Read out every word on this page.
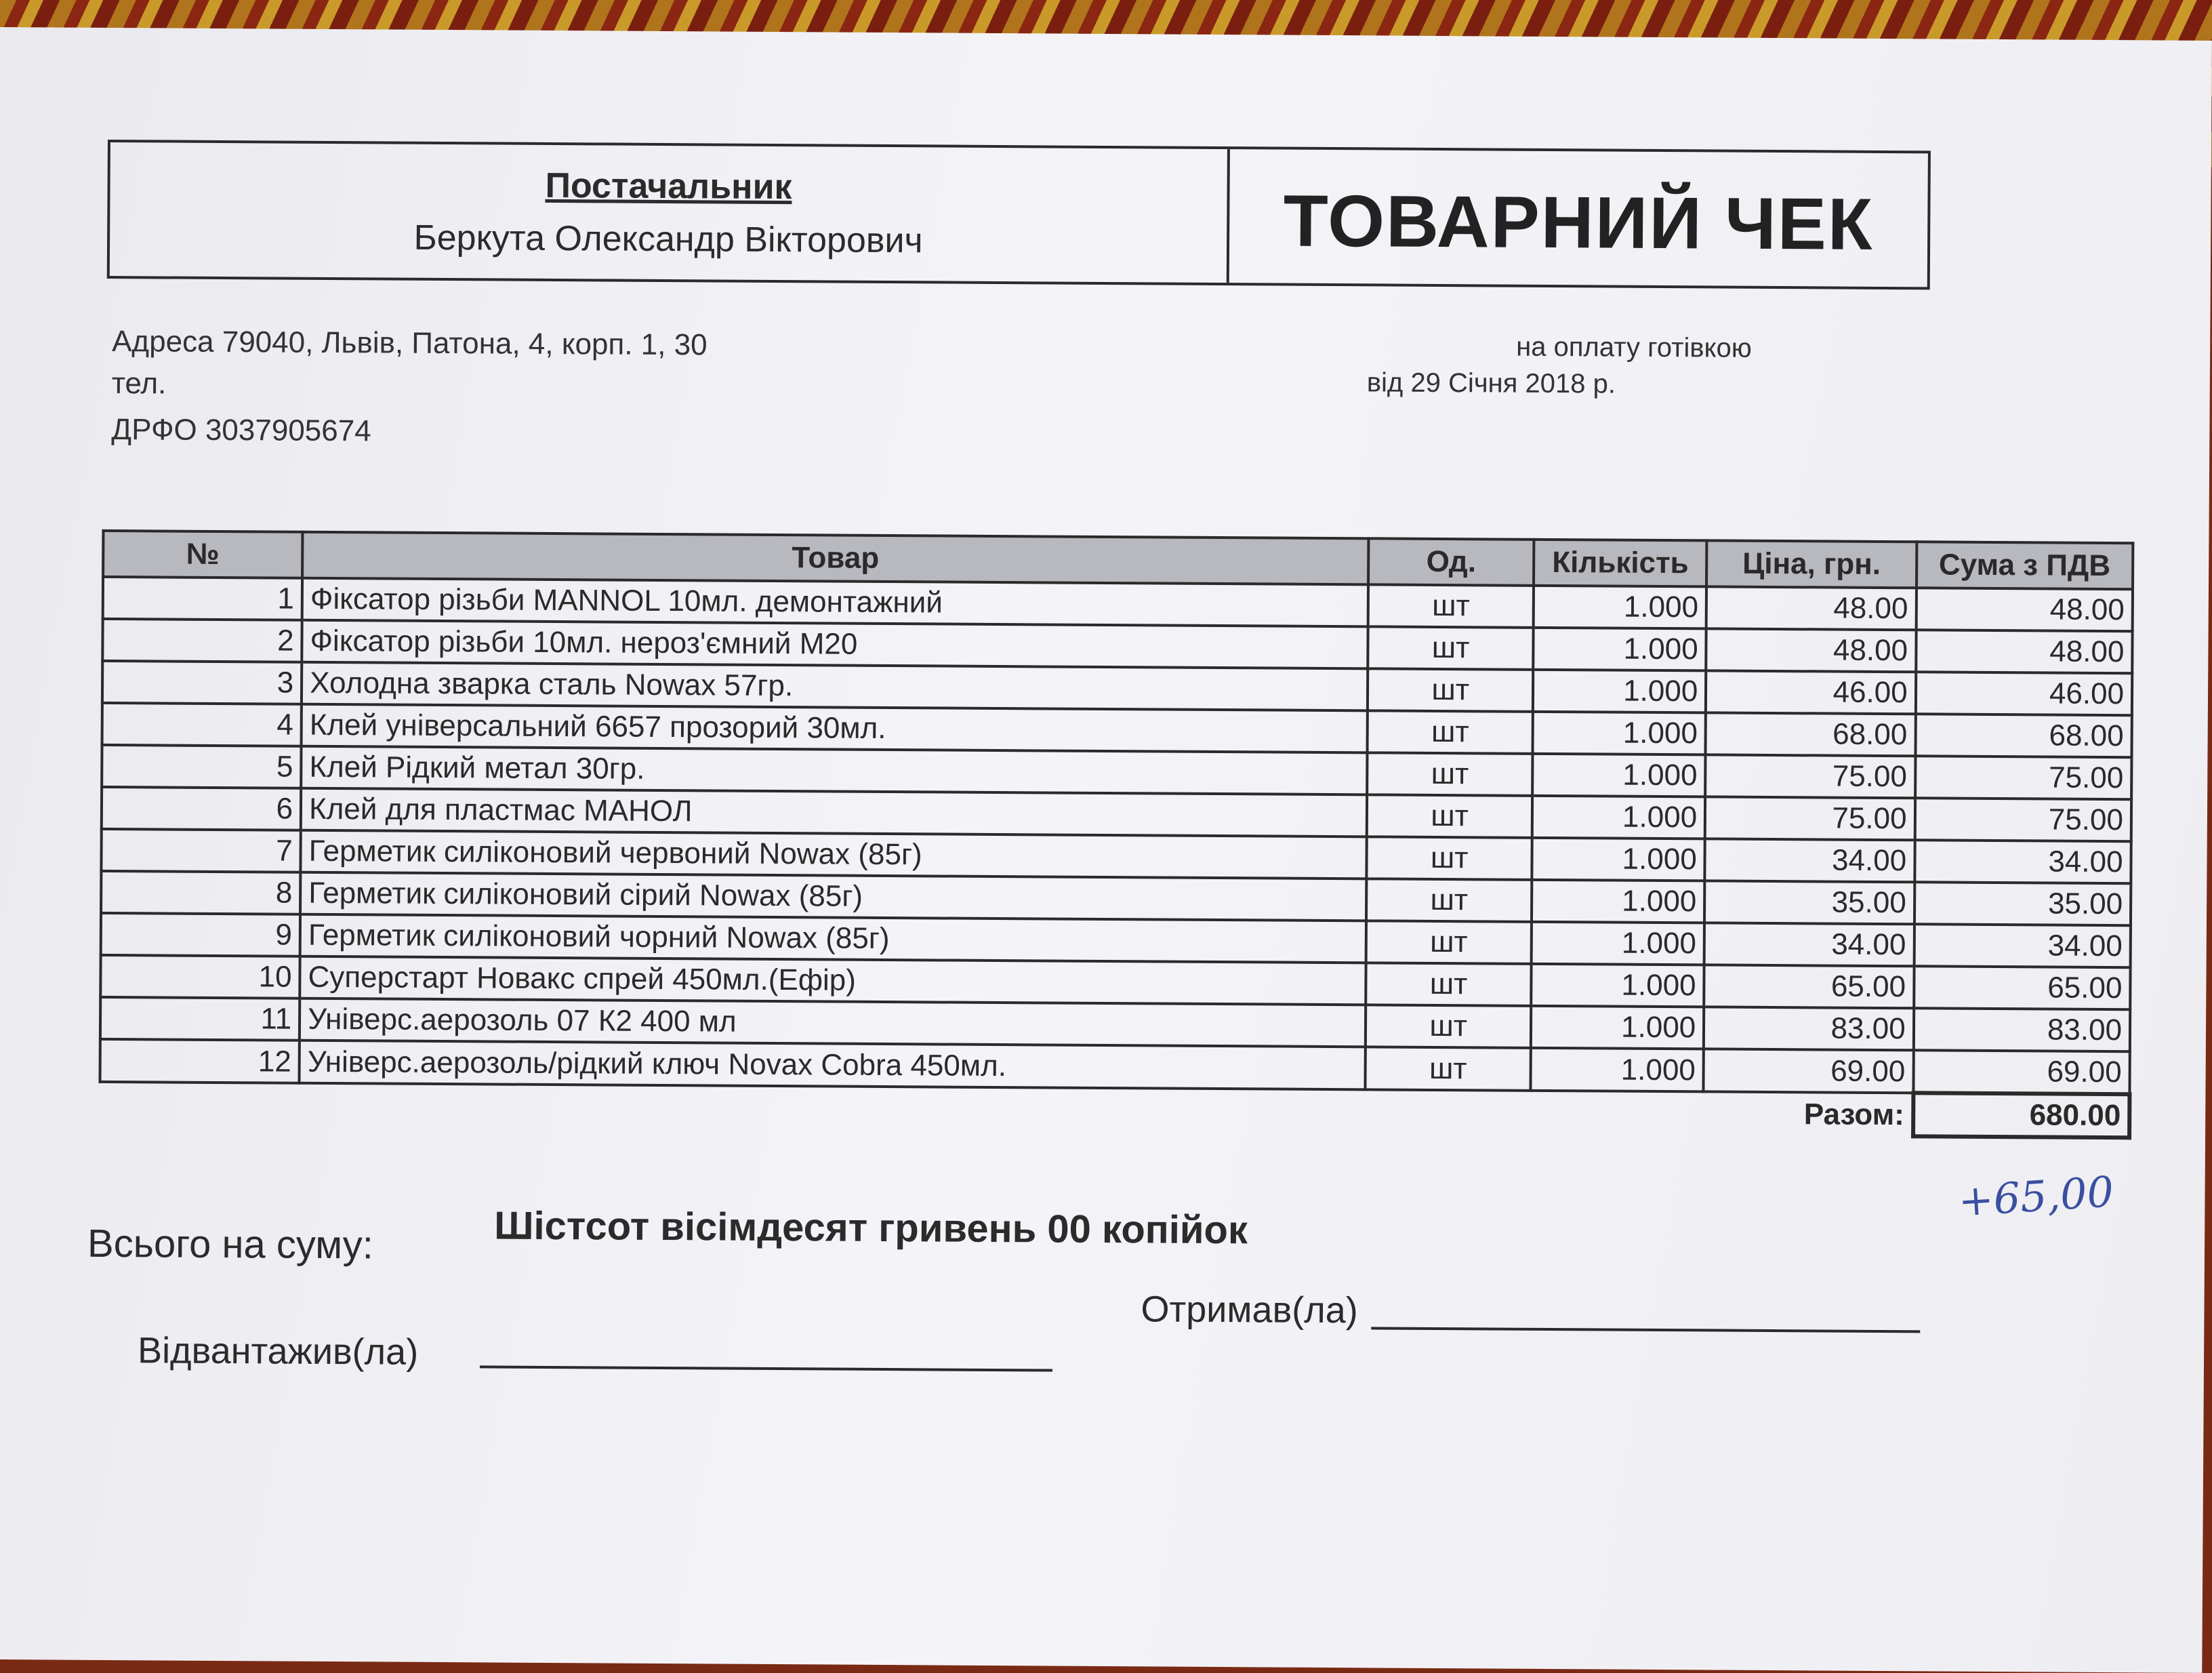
Постачальник
Беркута Олександр Вікторович	ТОВАРНИЙ ЧЕК
Адреса 79040, Львів, Патона, 4, корп. 1, 30
тел.
ДРФО 3037905674
на оплату готівкою
від 29 Січня 2018 р.
№	Товар	Од.	Кількість	Ціна, грн.	Сума з ПДВ
1	Фіксатор різьби MANNOL 10мл. демонтажний	шт	1.000	48.00	48.00
2	Фіксатор різьби 10мл. нероз'ємний М20	шт	1.000	48.00	48.00
3	Холодна зварка сталь Nowax 57гр.	шт	1.000	46.00	46.00
4	Клей універсальний 6657 прозорий 30мл.	шт	1.000	68.00	68.00
5	Клей Рідкий метал 30гр.	шт	1.000	75.00	75.00
6	Клей для пластмас МАНОЛ	шт	1.000	75.00	75.00
7	Герметик силіконовий червоний Nowax (85г)	шт	1.000	34.00	34.00
8	Герметик силіконовий сірий Nowax (85г)	шт	1.000	35.00	35.00
9	Герметик силіконовий чорний Nowax (85г)	шт	1.000	34.00	34.00
10	Суперстарт Новакс спрей 450мл.(Ефір)	шт	1.000	65.00	65.00
11	Універс.аерозоль 07 К2 400 мл	шт	1.000	83.00	83.00
12	Універс.аерозоль/рідкий ключ Novax Cobra 450мл.	шт	1.000	69.00	69.00
				Разом:	680.00
+65,00
Всього на суму:	Шістсот вісімдесят гривень 00 копійок
Отримав(ла)
Відвантажив(ла)
